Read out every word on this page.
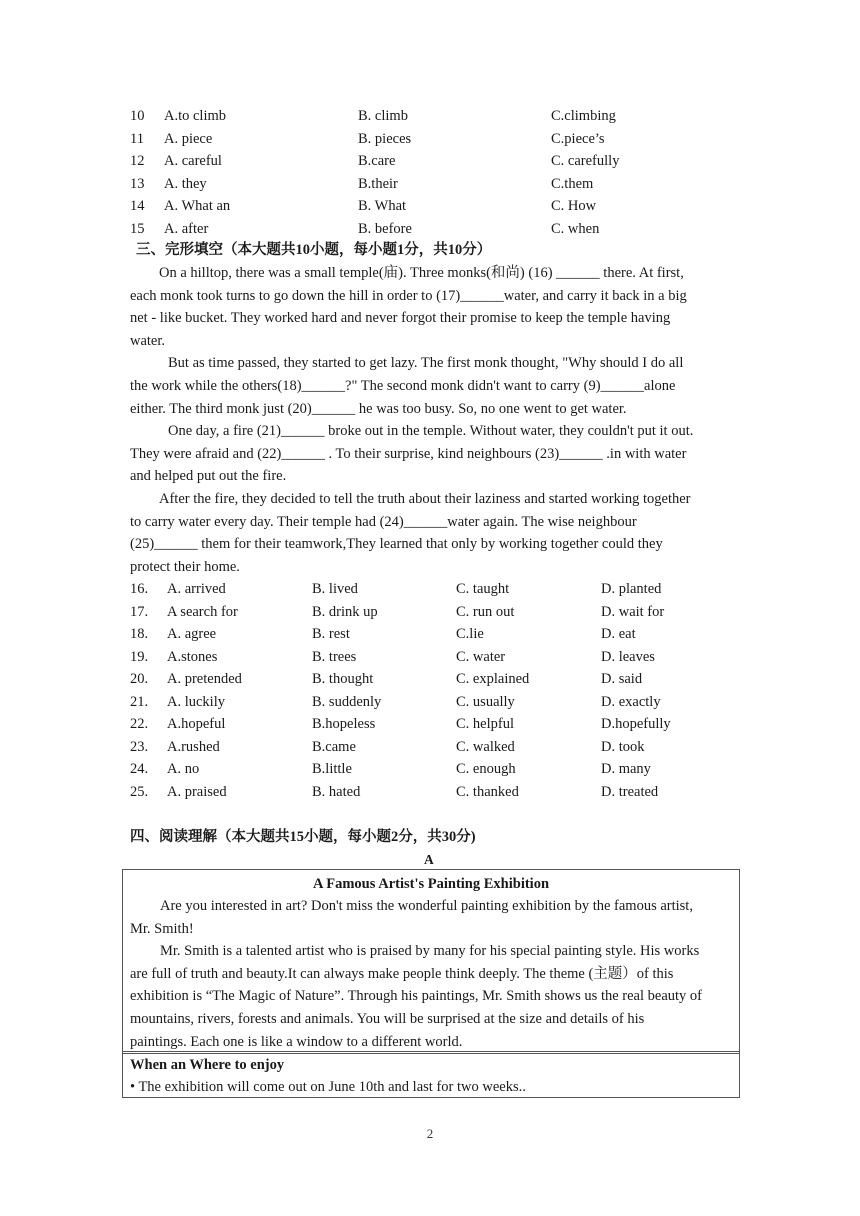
10 A.to climb	B. climb	C.climbing
11 A. piece	B. pieces	C.piece’s
12 A. careful	B.care	C. carefully
13 A. they	B.their	C.them
14 A. What an	B. What	C. How
15 A. after	B. before	C. when
三、完形填空（本大题共10小题，每小题1分，共10分）
On a hilltop, there was a small temple(庙). Three monks(和尚) (16) ______ there. At first,
each monk took turns to go down the hill in order to (17)______water, and carry it back in a big
net - like bucket. They worked hard and never forgot their promise to keep the temple having
water.
But as time passed, they started to get lazy. The first monk thought, "Why should I do all
the work while the others(18)______?" The second monk didn't want to carry (9)______alone
either. The third monk just (20)______ he was too busy. So, no one went to get water.
One day, a fire (21)______ broke out in the temple. Without water, they couldn't put it out.
They were afraid and (22)______ . To their surprise, kind neighbours (23)______ .in with water
and helped put out the fire.
After the fire, they decided to tell the truth about their laziness and started working together
to carry water every day. Their temple had (24)______water again. The wise neighbour
(25)______ them for their teamwork,They learned that only by working together could they
protect their home.
16. A. arrived	B. lived	C. taught	D. planted
17. A search for	B. drink up	C. run out	D. wait for
18. A. agree	B. rest	C.lie	D. eat
19. A.stones	B. trees	C. water	D. leaves
20. A. pretended	B. thought	C. explained	D. said
21. A. luckily	B. suddenly	C. usually	D. exactly
22. A.hopeful	B.hopeless	C. helpful	D.hopefully
23. A.rushed	B.came	C. walked	D. took
24. A. no	B.little	C. enough	D. many
25. A. praised	B. hated	C. thanked	D. treated
四、阅读理解（本大题共15小题，每小题2分，共30分)
A
A Famous Artist's Painting Exhibition
Are you interested in art? Don't miss the wonderful painting exhibition by the famous artist,
Mr. Smith!
Mr. Smith is a talented artist who is praised by many for his special painting style. His works
are full of truth and beauty.It can always make people think deeply. The theme (主题）of this
exhibition is “The Magic of Nature”. Through his paintings, Mr. Smith shows us the real beauty of
mountains, rivers, forests and animals. You will be surprised at the size and details of his
paintings. Each one is like a window to a different world.
When an Where to enjoy
• The exhibition will come out on June 10th and last for two weeks..
2
